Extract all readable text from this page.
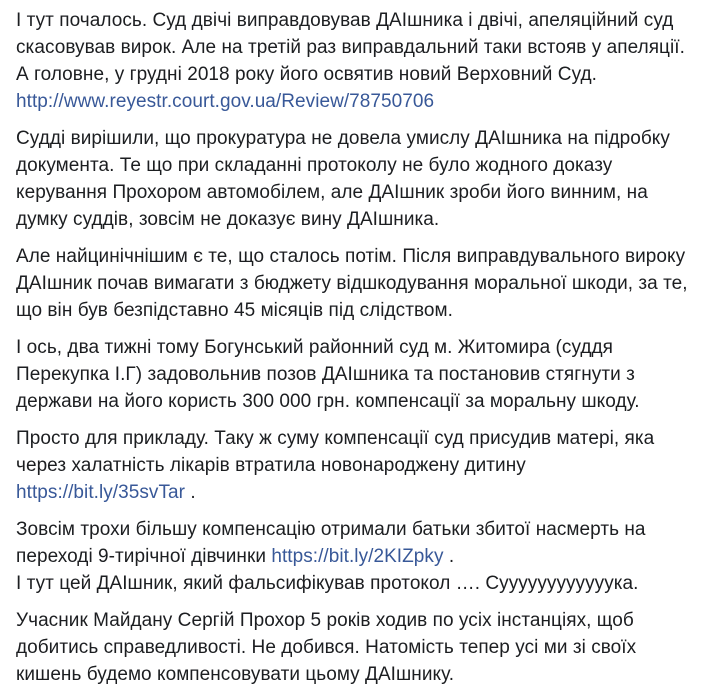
І тут почалось. Суд двічі виправдовував ДАІшника і двічі, апеляційний суд скасовував вирок. Але на третій раз виправдальний таки встояв у апеляції. А головне, у грудні 2018 року його освятив новий Верховний Суд. http://www.reyestr.court.gov.ua/Review/78750706

Судді вирішили, що прокуратура не довела умислу ДАІшника на підробку документа. Те що при складанні протоколу не було жодного доказу керування Прохором автомобілем, але ДАІшник зроби його винним, на думку суддів, зовсім не доказує вину ДАІшника.

Але найцинічнішим є те, що сталось потім. Після виправдувального вироку ДАІшник почав вимагати з бюджету відшкодування моральної шкоди, за те, що він був безпідставно 45 місяців під слідством.

І ось, два тижні тому Богунський районний суд м. Житомира (суддя Перекупка І.Г) задовольнив позов ДАІшника та постановив стягнути з держави на його користь 300 000 грн. компенсації за моральну шкоду.

Просто для прикладу. Таку ж суму компенсації суд присудив матері, яка через халатність лікарів втратила новонароджену дитину https://bit.ly/35svTar .

Зовсім трохи більшу компенсацію отримали батьки збитої насмерть на переході 9-тирічної дівчинки https://bit.ly/2KIZpky .
І тут цей ДАІшник, який фальсифікував протокол …. Суууууууууууука.

Учасник Майдану Сергій Прохор 5 років ходив по усіх інстанціях, щоб добитись справедливості. Не добився. Натомість тепер усі ми зі своїх кишень будемо компенсовувати цьому ДАІшнику.
